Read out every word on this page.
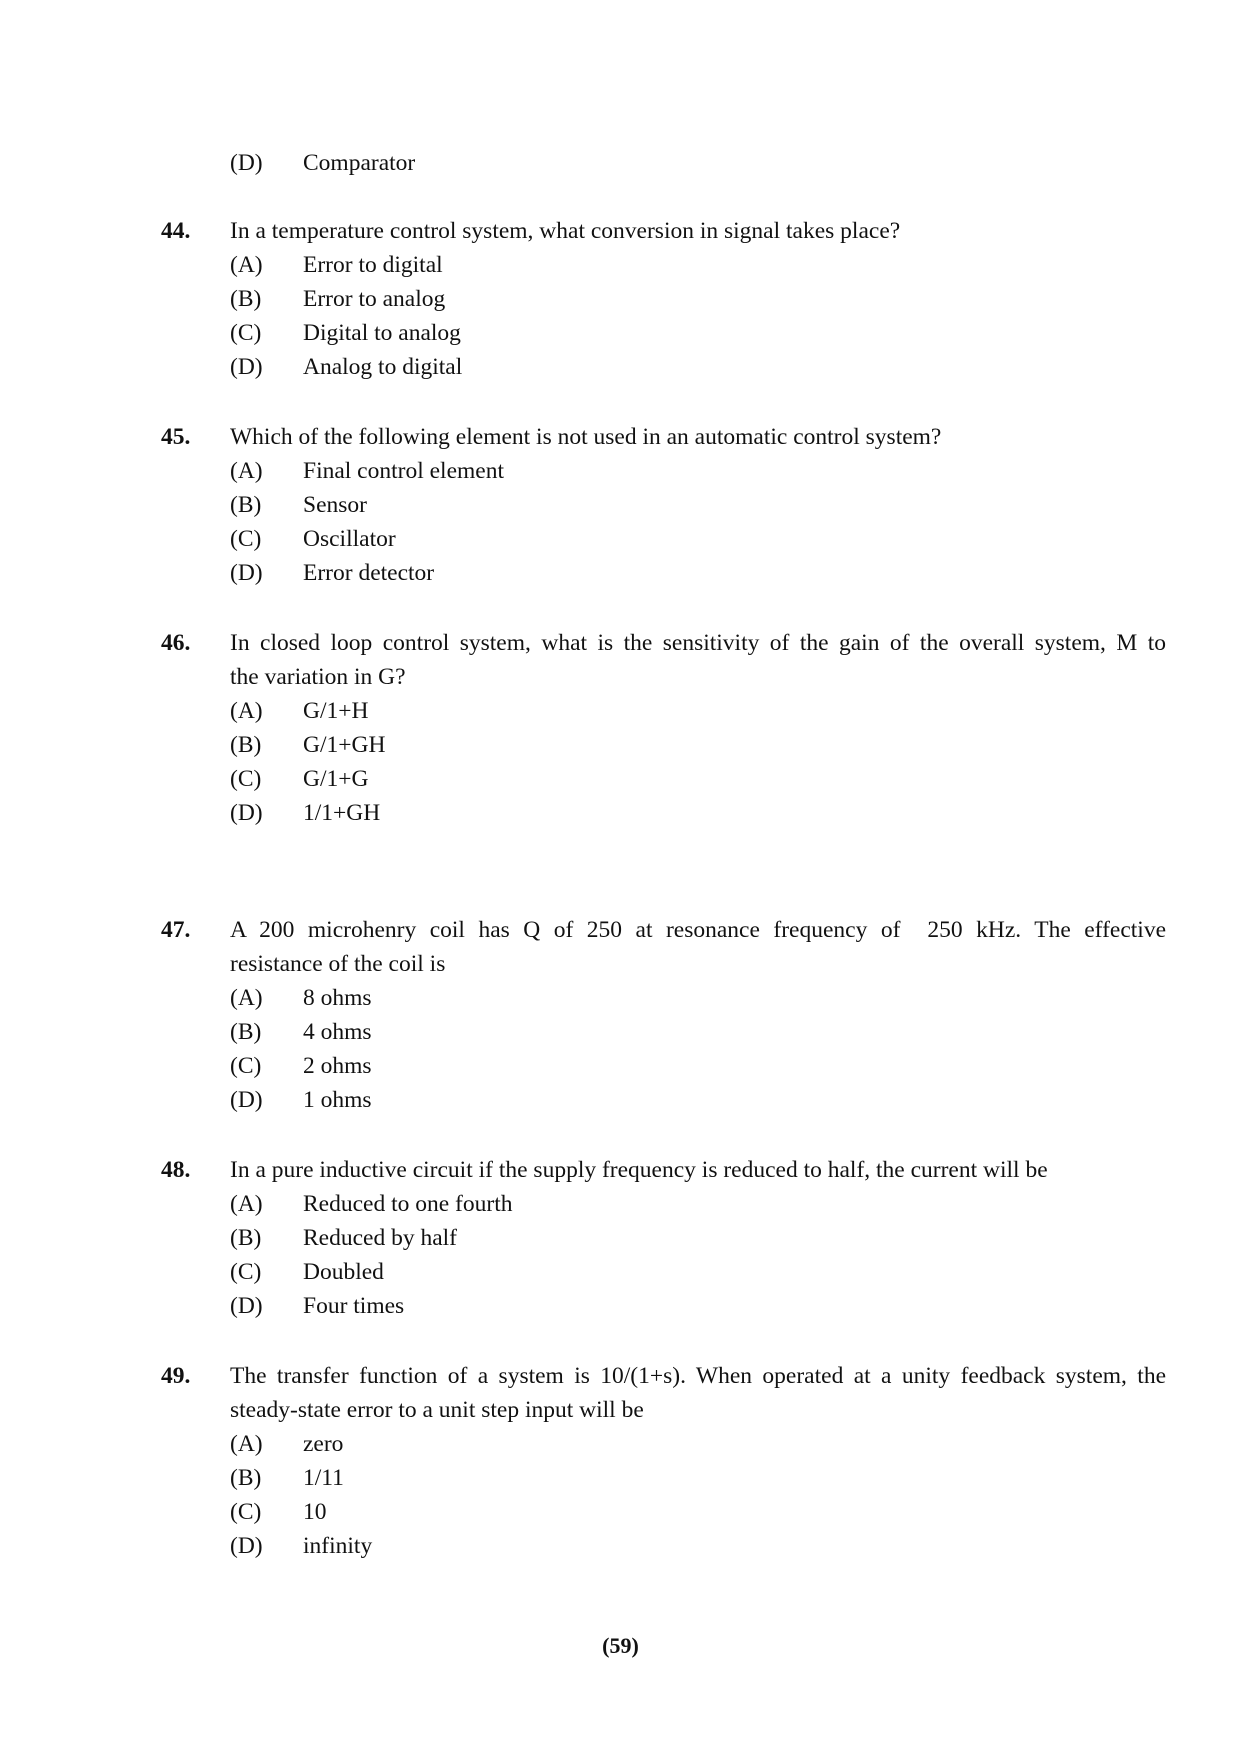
(D) Comparator
44. In a temperature control system, what conversion in signal takes place?
(A) Error to digital
(B) Error to analog
(C) Digital to analog
(D) Analog to digital
45. Which of the following element is not used in an automatic control system?
(A) Final control element
(B) Sensor
(C) Oscillator
(D) Error detector
46. In closed loop control system, what is the sensitivity of the gain of the overall system, M to
the variation in G?
(A) G/1+H
(B) G/1+GH
(C) G/1+G
(D) 1/1+GH
47. A 200 microhenry coil has Q of 250 at resonance frequency of  250 kHz. The effective
resistance of the coil is
(A) 8 ohms
(B) 4 ohms
(C) 2 ohms
(D) 1 ohms
48. In a pure inductive circuit if the supply frequency is reduced to half, the current will be
(A) Reduced to one fourth
(B) Reduced by half
(C) Doubled
(D) Four times
49. The transfer function of a system is 10/(1+s). When operated at a unity feedback system, the
steady-state error to a unit step input will be
(A) zero
(B) 1/11
(C) 10
(D) infinity
(59)
